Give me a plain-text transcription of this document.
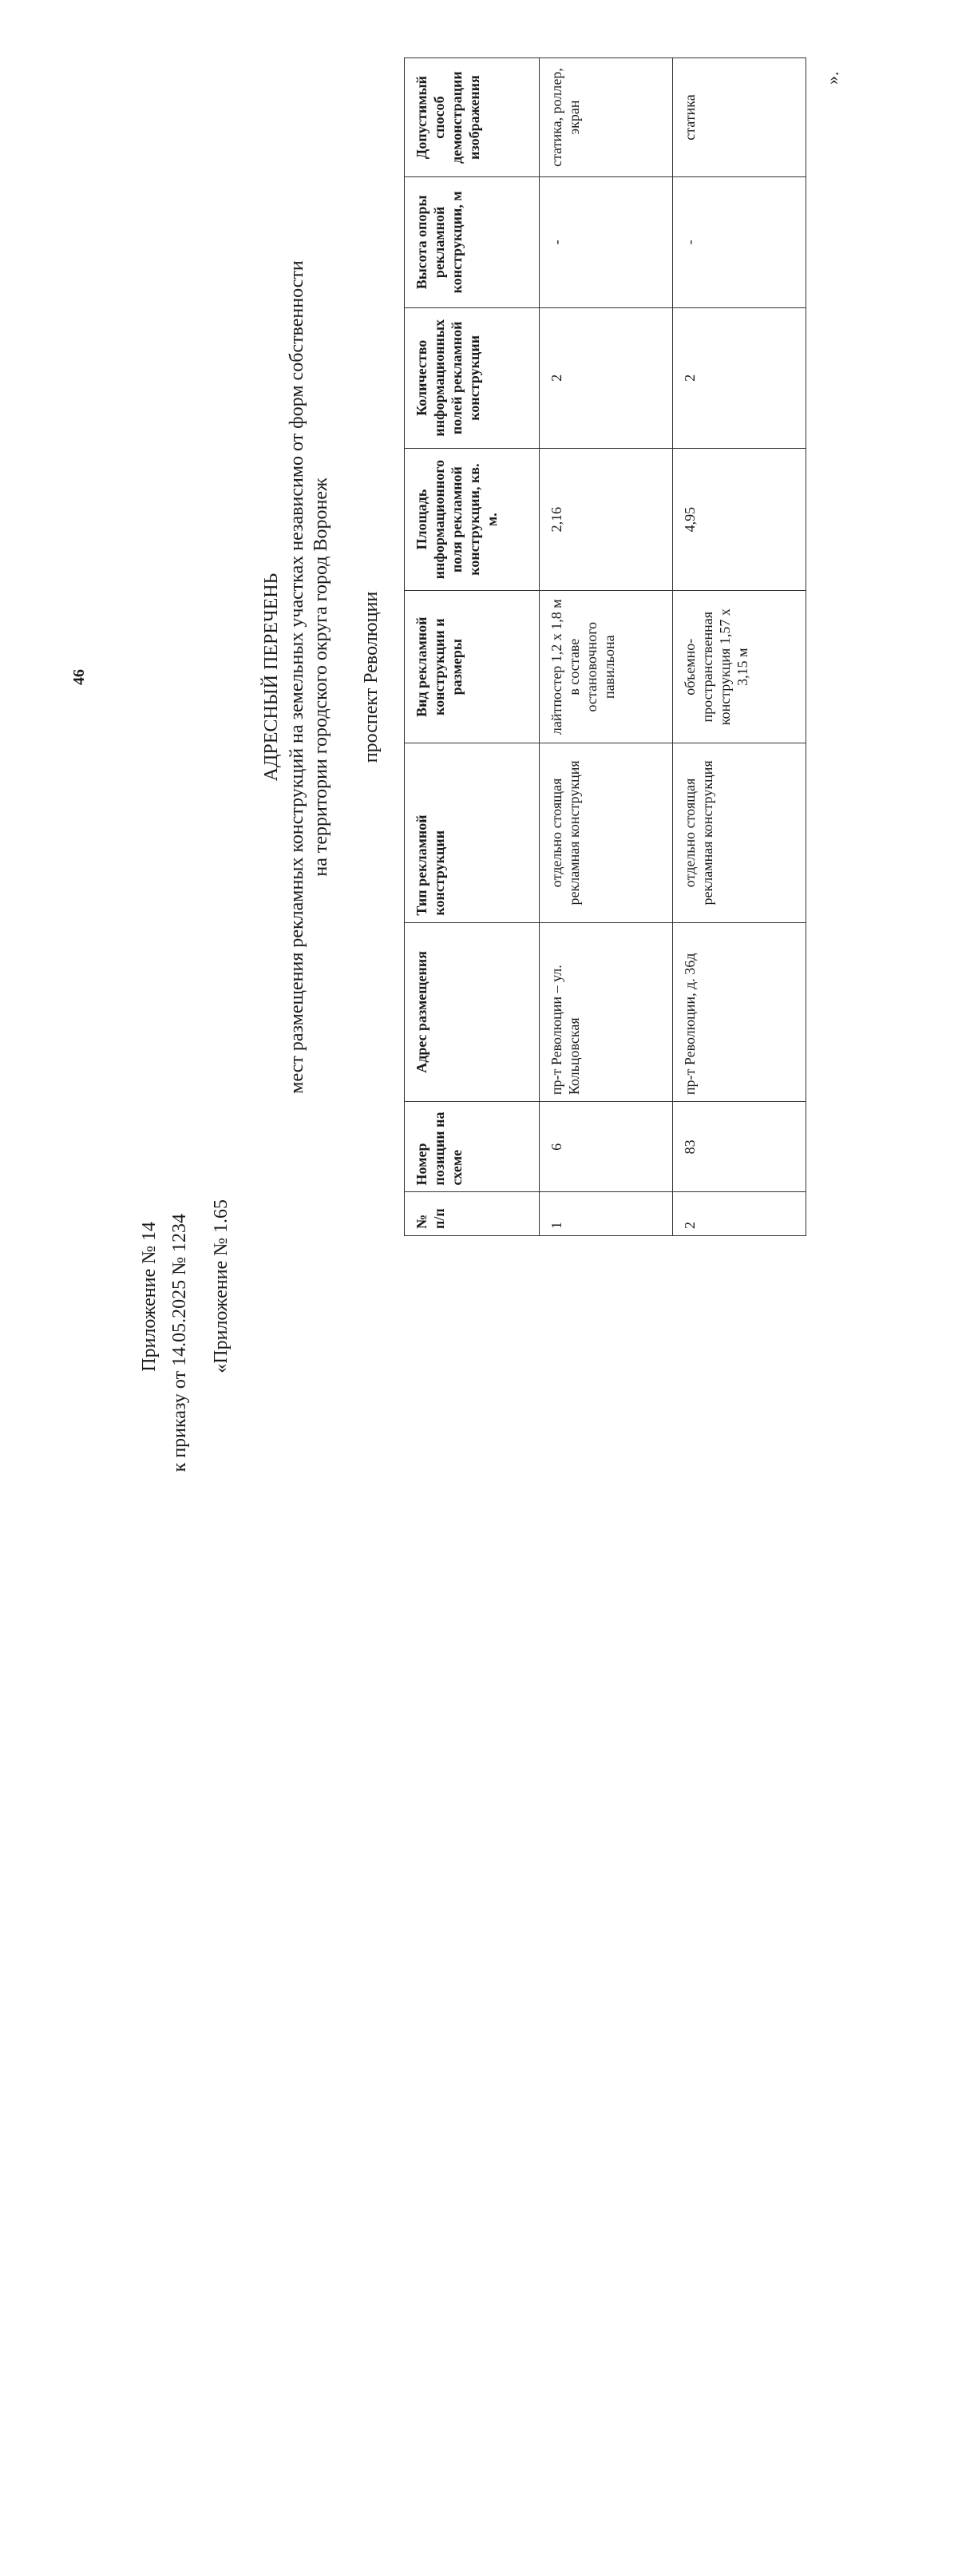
46
Приложение № 14 к приказу от 14.05.2025 № 1234 «Приложение № 1.65
АДРЕСНЫЙ ПЕРЕЧЕНЬ мест размещения рекламных конструкций на земельных участках независимо от форм собственности на территории городского округа город Воронеж проспект Революции
№ п/п	Номер позиции на схеме	Адрес размещения	Тип рекламной конструкции	Вид рекламной конструкции и размеры	Площадь информационного поля рекламной конструкции, кв. м.	Количество информационных полей рекламной конструкции	Высота опоры рекламной конструкции, м	Допустимый способ демонстрации изображения
1	6	пр-т Революции – ул. Кольцовская	отдельно стоящая рекламная конструкция	лайтпостер 1,2 х 1,8 м в составе остановочного павильона	2,16	2	-	статика, роллер, экран
2	83	пр-т Революции, д. 36д	отдельно стоящая рекламная конструкция	объемно-пространственная конструкция 1,57 х 3,15 м	4,95	2	-	статика
».
